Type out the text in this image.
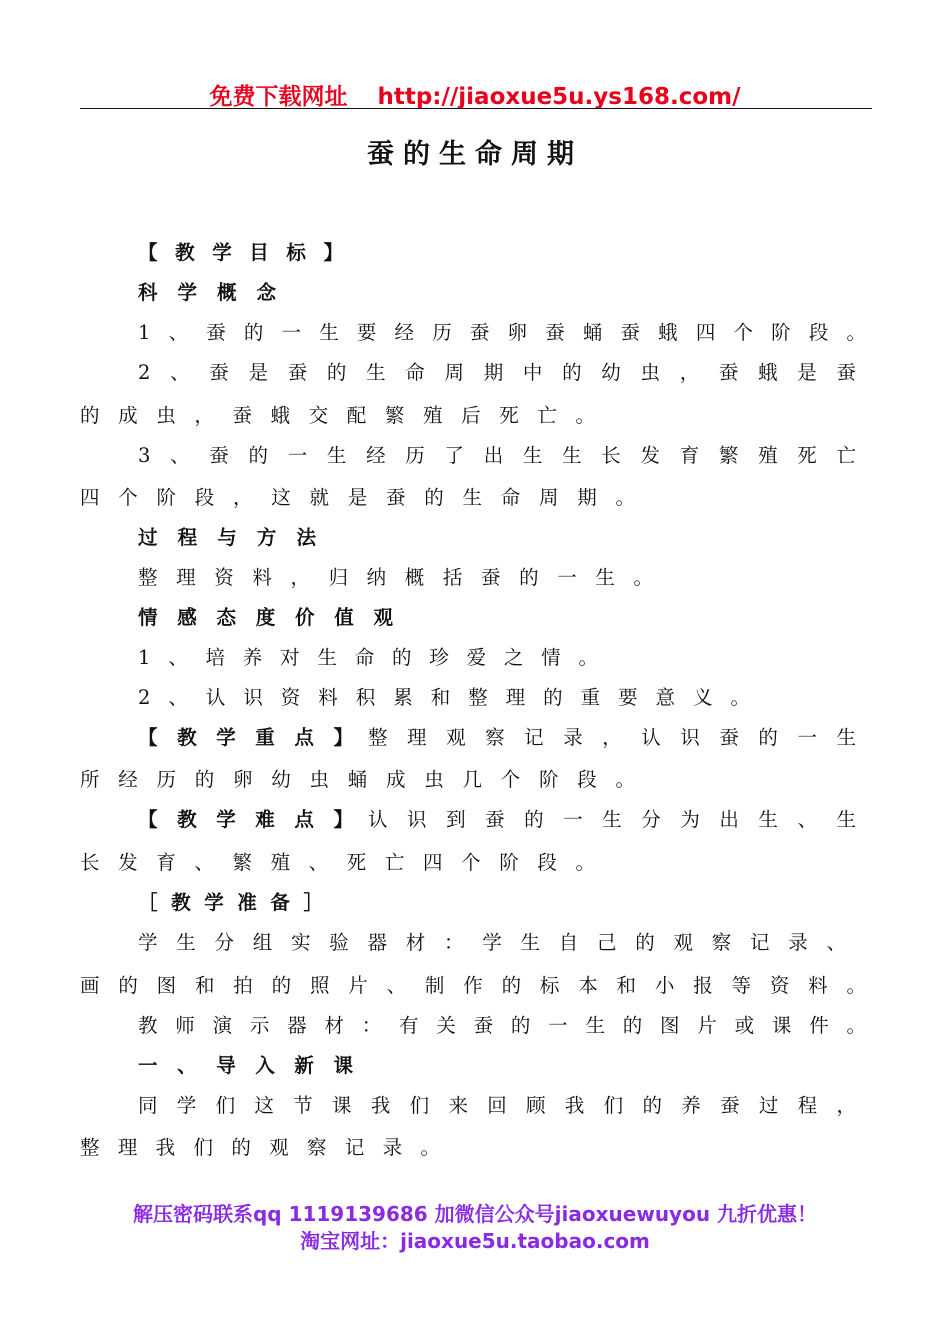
免费下载网址 http://jiaoxue5u.ys168.com/
蚕的生命周期
【教学目标】
科学概念
1、蚕的一生要经历蚕卵蚕蛹蚕蛾四个阶段。
2、蚕是蚕的生命周期中的幼虫，蚕蛾是蚕
的成虫，蚕蛾交配繁殖后死亡。
3、蚕的一生经历了出生生长发育繁殖死亡
四个阶段，这就是蚕的生命周期。
过程与方法
整理资料，归纳概括蚕的一生。
情感态度价值观
1、培养对生命的珍爱之情。
2、认识资料积累和整理的重要意义。
【教学重点】
整理观察记录，认识蚕的一生
所经历的卵幼虫蛹成虫几个阶段。
【教学难点】
认识到蚕的一生分为出生、生
长发育、繁殖、死亡四个阶段。
［教学准备］
学生分组实验器材：学生自己的观察记录、
画的图和拍的照片、制作的标本和小报等资料。
教师演示器材：有关蚕的一生的图片或课件。
一、导入新课
同学们这节课我们来回顾我们的养蚕过程，
整理我们的观察记录。
解压密码联系qq 1119139686 加微信公众号jiaoxuewuyou 九折优惠！
淘宝网址：jiaoxue5u.taobao.com
